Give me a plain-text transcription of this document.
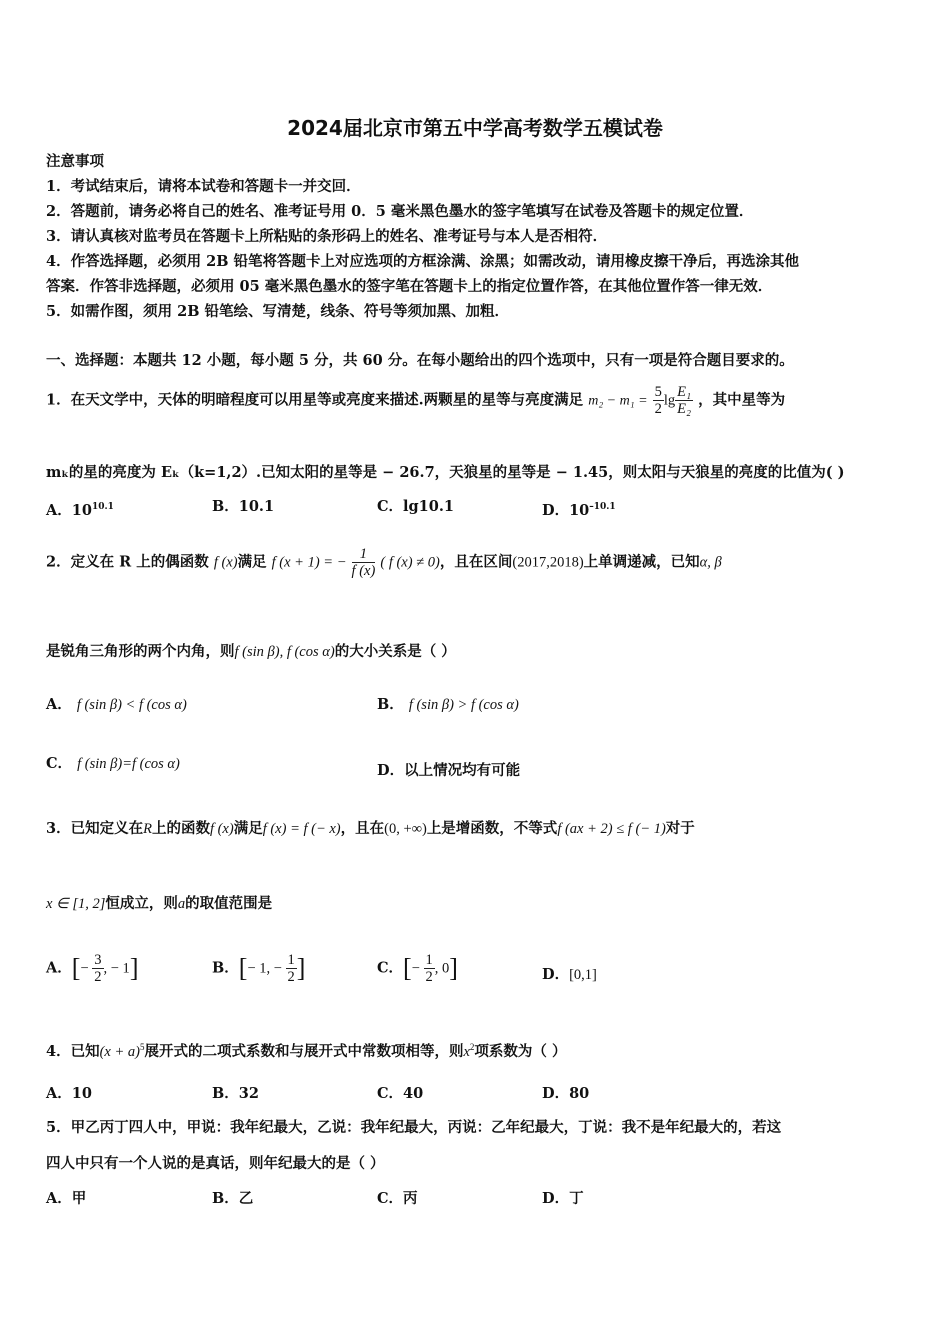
2024届北京市第五中学高考数学五模试卷
注意事项
1．考试结束后，请将本试卷和答题卡一并交回．
2．答题前，请务必将自己的姓名、准考证号用 0．5 毫米黑色墨水的签字笔填写在试卷及答题卡的规定位置．
3．请认真核对监考员在答题卡上所粘贴的条形码上的姓名、准考证号与本人是否相符．
4．作答选择题，必须用 2B 铅笔将答题卡上对应选项的方框涂满、涂黑；如需改动，请用橡皮擦干净后，再选涂其他
答案．作答非选择题，必须用 05 毫米黑色墨水的签字笔在答题卡上的指定位置作答，在其他位置作答一律无效．
5．如需作图，须用 2B 铅笔绘、写清楚，线条、符号等须加黑、加粗．
一、选择题：本题共 12 小题，每小题 5 分，共 60 分。在每小题给出的四个选项中，只有一项是符合题目要求的。
1．在天文学中，天体的明暗程度可以用星等或亮度来描述.两颗星的星等与亮度满足 $m_2 - m_1 = \frac{5}{2}$ $\lg \frac{\text{E₁}}{\text{E₂}}$ ，其中星等为
mₖ的星的亮度为 Eₖ（k=1,2）.已知太阳的星等是 − 26.7，天狼星的星等是 − 1.45，则太阳与天狼星的亮度的比值为( )
A．$10^{10.1}$	B．10.1	C．lg10.1	D．$10^{-10.1}$
2．定义在 R 上的偶函数 f (x)满足 f (x + 1) = − $\frac{1}{f (x)}$ ( f (x) ≠ 0)，且在区间(2017,2018)上单调递减，已知α, β
是锐角三角形的两个内角，则f (sin β), f (cos α)的大小关系是（ ）
A． f (sin β) < f (cos α)	B． f (sin β) > f (cos α)
C． f (sin β)=f (cos α)	D．以上情况均有可能
3．已知定义在R上的函数f (x)满足f (x) = f (− x)，且在(0, +∞)上是增函数，不等式f (ax + 2) ≤ f (− 1)对于
x ∈ [1, 2]恒成立，则a的取值范围是
A．[− $\frac{3}{2}$ , − 1]	B．[− 1, − $\frac{1}{2}$ ]	C．[− $\frac{1}{2}$ , 0]	D．[0,1]
4．已知$(x + a)^5$展开式的二项式系数和与展开式中常数项相等，则$x^2$项系数为（ ）
A．10	B．32	C．40	D．80
5．甲乙丙丁四人中，甲说：我年纪最大，乙说：我年纪最大，丙说：乙年纪最大，丁说：我不是年纪最大的，若这
四人中只有一个人说的是真话，则年纪最大的是（ ）
A．甲	B．乙	C．丙	D．丁
